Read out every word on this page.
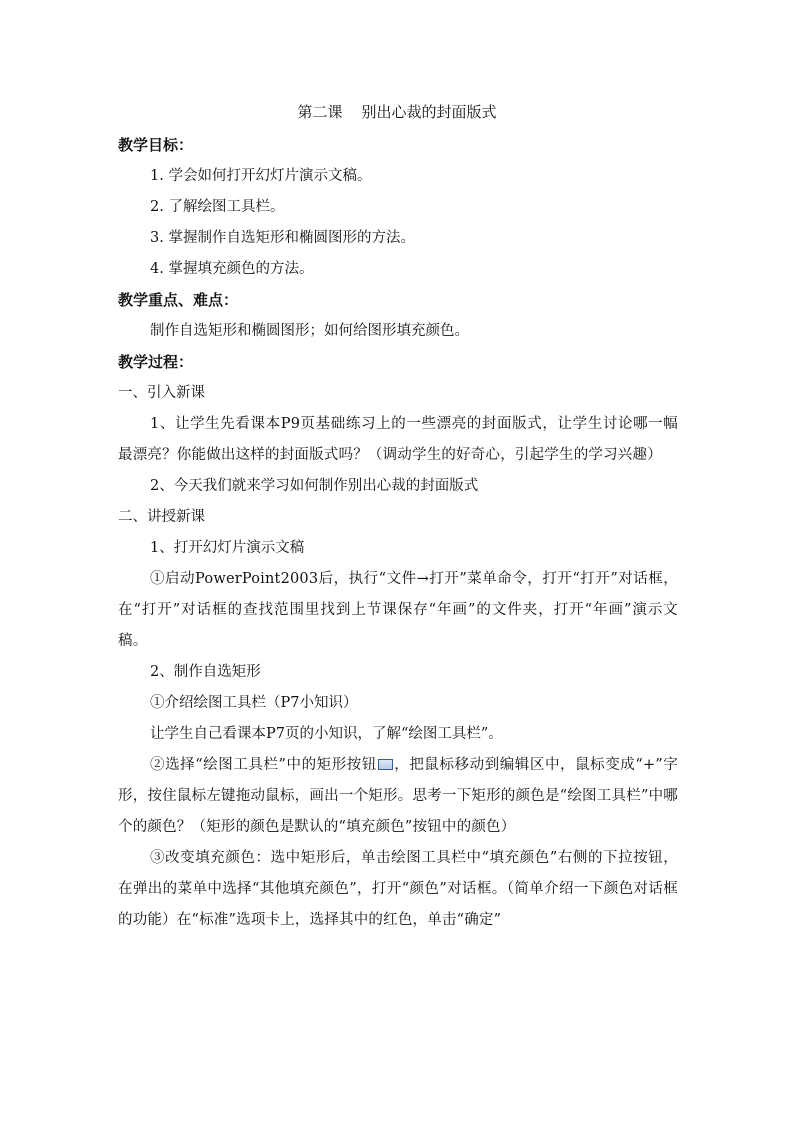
第二课    别出心裁的封面版式
教学目标：
1. 学会如何打开幻灯片演示文稿。
2. 了解绘图工具栏。
3. 掌握制作自选矩形和椭圆图形的方法。
4. 掌握填充颜色的方法。
教学重点、难点：
制作自选矩形和椭圆图形；如何给图形填充颜色。
教学过程：
一、引入新课
1、让学生先看课本P9页基础练习上的一些漂亮的封面版式，让学生讨论哪一幅最漂亮？你能做出这样的封面版式吗？（调动学生的好奇心，引起学生的学习兴趣）
2、今天我们就来学习如何制作别出心裁的封面版式
二、讲授新课
1、打开幻灯片演示文稿
①启动PowerPoint2003后，执行“文件→打开”菜单命令，打开“打开”对话框，在“打开”对话框的查找范围里找到上节课保存“年画”的文件夹，打开“年画”演示文稿。
2、制作自选矩形
①介绍绘图工具栏（P7小知识）
让学生自己看课本P7页的小知识，了解“绘图工具栏”。
②选择“绘图工具栏”中的矩形按钮 ，把鼠标移动到编辑区中，鼠标变成“+”字形，按住鼠标左键拖动鼠标，画出一个矩形。思考一下矩形的颜色是“绘图工具栏”中哪个的颜色？（矩形的颜色是默认的“填充颜色”按钮中的颜色）
③改变填充颜色：选中矩形后，单击绘图工具栏中“填充颜色”右侧的下拉按钮，在弹出的菜单中选择“其他填充颜色”，打开“颜色”对话框。（简单介绍一下颜色对话框的功能）在“标准”选项卡上，选择其中的红色，单击“确定”
